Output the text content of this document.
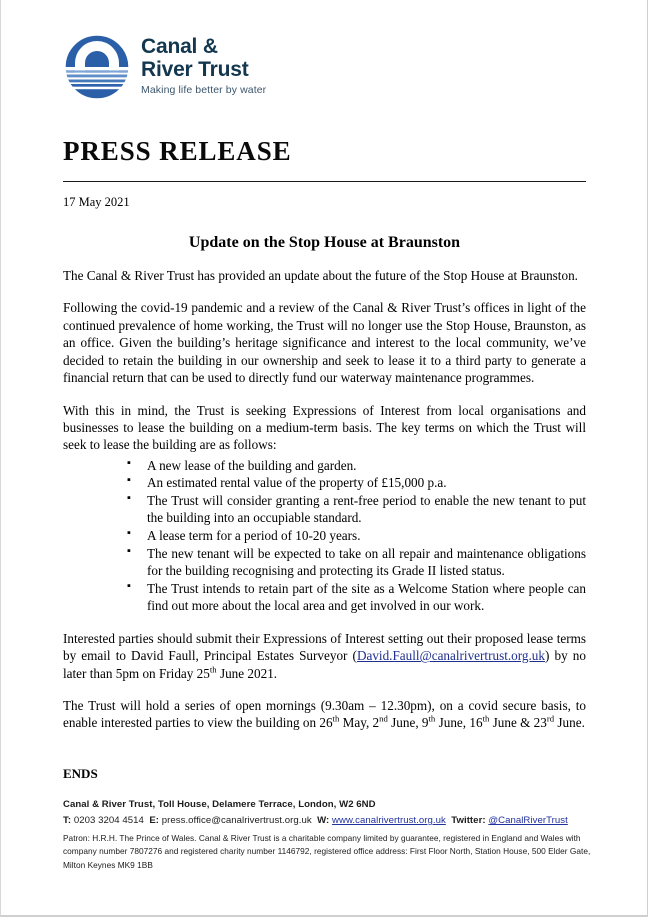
Canal &
River Trust
Making life better by water
PRESS RELEASE
17 May 2021
Update on the Stop House at Braunston

The Canal & River Trust has provided an update about the future of the Stop House at Braunston.

Following the covid-19 pandemic and a review of the Canal & River Trust’s offices in light of the continued prevalence of home working, the Trust will no longer use the Stop House, Braunston, as an office. Given the building’s heritage significance and interest to the local community, we’ve decided to retain the building in our ownership and seek to lease it to a third party to generate a financial return that can be used to directly fund our waterway maintenance programmes.

With this in mind, the Trust is seeking Expressions of Interest from local organisations and businesses to lease the building on a medium-term basis. The key terms on which the Trust will seek to lease the building are as follows:

▪ A new lease of the building and garden.
▪ An estimated rental value of the property of £15,000 p.a.
▪ The Trust will consider granting a rent-free period to enable the new tenant to put the building into an occupiable standard.
▪ A lease term for a period of 10-20 years.
▪ The new tenant will be expected to take on all repair and maintenance obligations for the building recognising and protecting its Grade II listed status.
▪ The Trust intends to retain part of the site as a Welcome Station where people can find out more about the local area and get involved in our work.

Interested parties should submit their Expressions of Interest setting out their proposed lease terms by email to David Faull, Principal Estates Surveyor (David.Faull@canalrivertrust.org.uk) by no later than 5pm on Friday 25th June 2021.

The Trust will hold a series of open mornings (9.30am – 12.30pm), on a covid secure basis, to enable interested parties to view the building on 26th May, 2nd June, 9th June, 16th June & 23rd June.

ENDS
Canal & River Trust, Toll House, Delamere Terrace, London, W2 6ND
T: 0203 3204 4514 E: press.office@canalrivertrust.org.uk W: www.canalrivertrust.org.uk Twitter: @CanalRiverTrust
Patron: H.R.H. The Prince of Wales. Canal & River Trust is a charitable company limited by guarantee, registered in England and Wales with company number 7807276 and registered charity number 1146792, registered office address: First Floor North, Station House, 500 Elder Gate, Milton Keynes MK9 1BB
